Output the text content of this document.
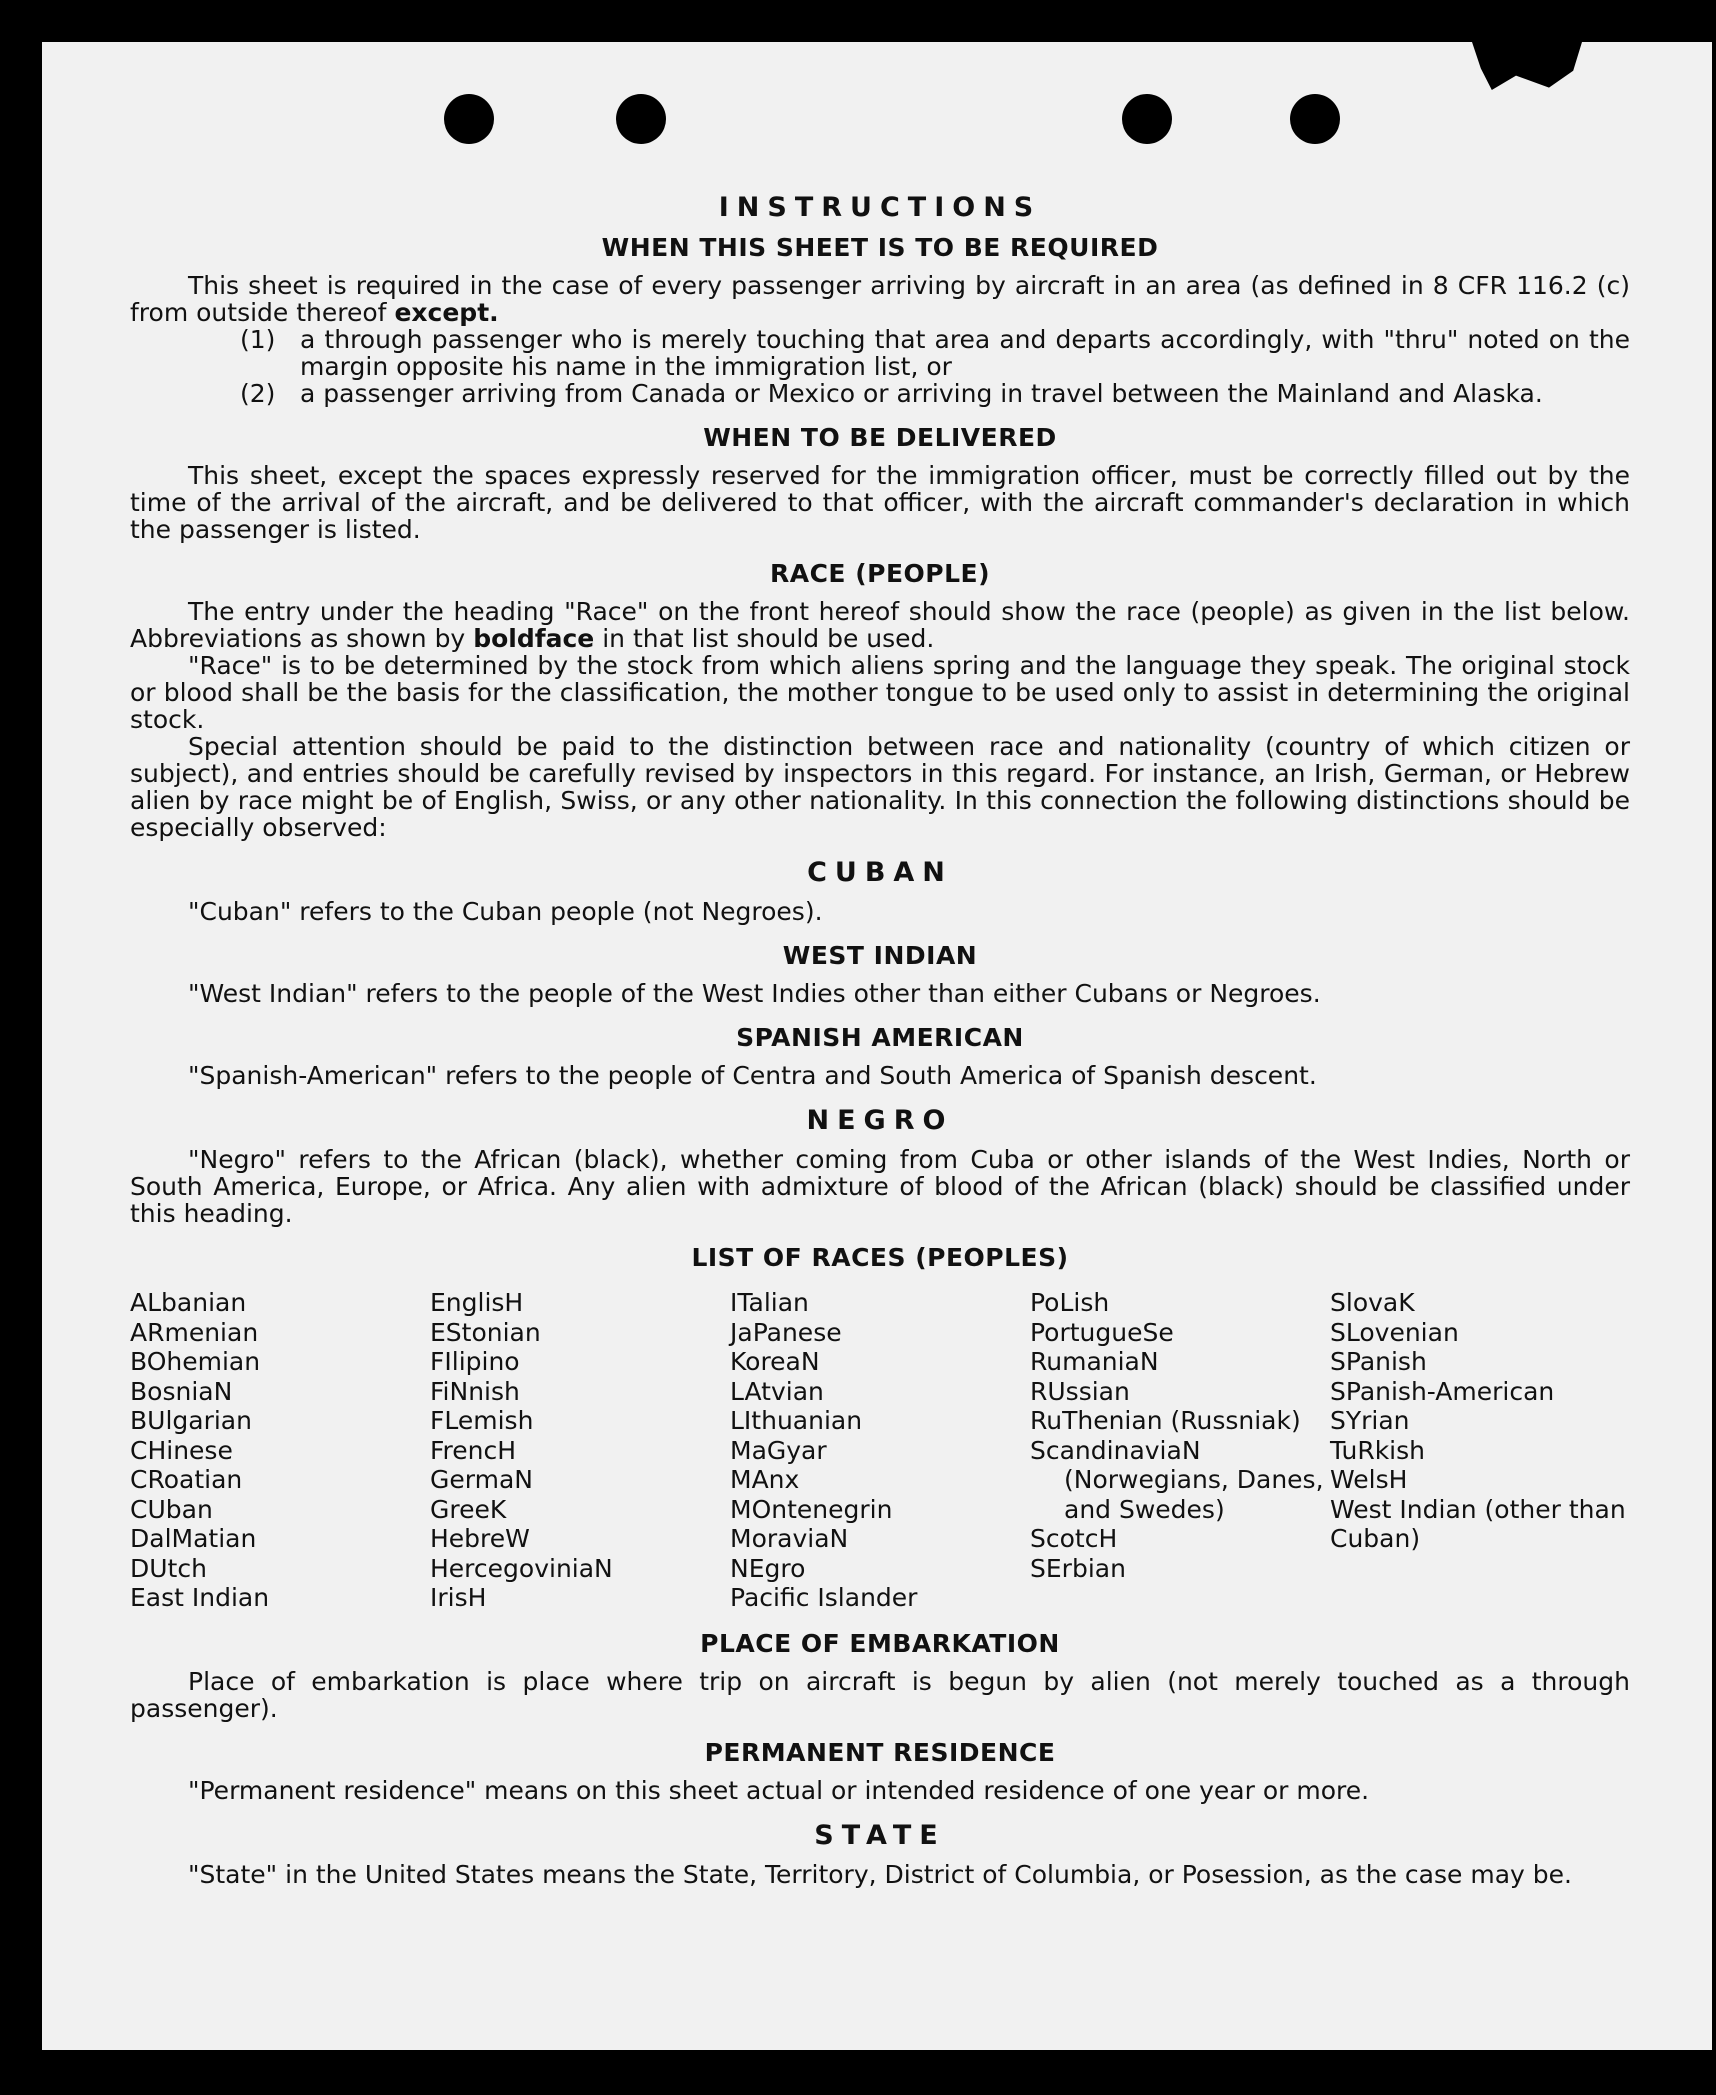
INSTRUCTIONS
WHEN THIS SHEET IS TO BE REQUIRED

This sheet is required in the case of every passenger arriving by aircraft in an area (as defined in 8 CFR 116.2 (c) from outside thereof except.

(1) a through passenger who is merely touching that area and departs accordingly, with "thru" noted on the margin opposite his name in the immigration list, or

(2) a passenger arriving from Canada or Mexico or arriving in travel between the Mainland and Alaska.

WHEN TO BE DELIVERED

This sheet, except the spaces expressly reserved for the immigration officer, must be correctly filled out by the time of the arrival of the aircraft, and be delivered to that officer, with the aircraft commander's declaration in which the passenger is listed.

RACE (PEOPLE)

The entry under the heading "Race" on the front hereof should show the race (people) as given in the list below. Abbreviations as shown by boldface in that list should be used.

"Race" is to be determined by the stock from which aliens spring and the language they speak. The original stock or blood shall be the basis for the classification, the mother tongue to be used only to assist in determining the original stock.

Special attention should be paid to the distinction between race and nationality (country of which citizen or subject), and entries should be carefully revised by inspectors in this regard. For instance, an Irish, German, or Hebrew alien by race might be of English, Swiss, or any other nationality. In this connection the following distinctions should be especially observed:

CUBAN

"Cuban" refers to the Cuban people (not Negroes).

WEST INDIAN

"West Indian" refers to the people of the West Indies other than either Cubans or Negroes.

SPANISH AMERICAN

"Spanish-American" refers to the people of Centra and South America of Spanish descent.

NEGRO

"Negro" refers to the African (black), whether coming from Cuba or other islands of the West Indies, North or South America, Europe, or Africa. Any alien with admixture of blood of the African (black) should be classified under this heading.

LIST OF RACES (PEOPLES)
ALbanian
ARmenian
BOhemian
BosniaN
BUlgarian
CHinese
CRoatian
CUban
DalMatian
DUtch
East Indian
EnglisH
EStonian
FIlipino
FiNnish
FLemish
FrencH
GermaN
GreeK
HebreW
HercegoviniaN
IrisH
ITalian
JaPanese
KoreaN
LAtvian
LIthuanian
MaGyar
MAnx
MOntenegrin
MoraviaN
NEgro
Pacific Islander
PoLish
PortugueSe
RumaniaN
RUssian
RuThenian (Russniak)
ScandinaviaN
(Norwegians, Danes, and Swedes)
ScotcH
SErbian
SlovaK
SLovenian
SPanish
SPanish-American
SYrian
TuRkish
WelsH
West Indian (other than Cuban)
PLACE OF EMBARKATION

Place of embarkation is place where trip on aircraft is begun by alien (not merely touched as a through passenger).

PERMANENT RESIDENCE

"Permanent residence" means on this sheet actual or intended residence of one year or more.

STATE

"State" in the United States means the State, Territory, District of Columbia, or Posession, as the case may be.
